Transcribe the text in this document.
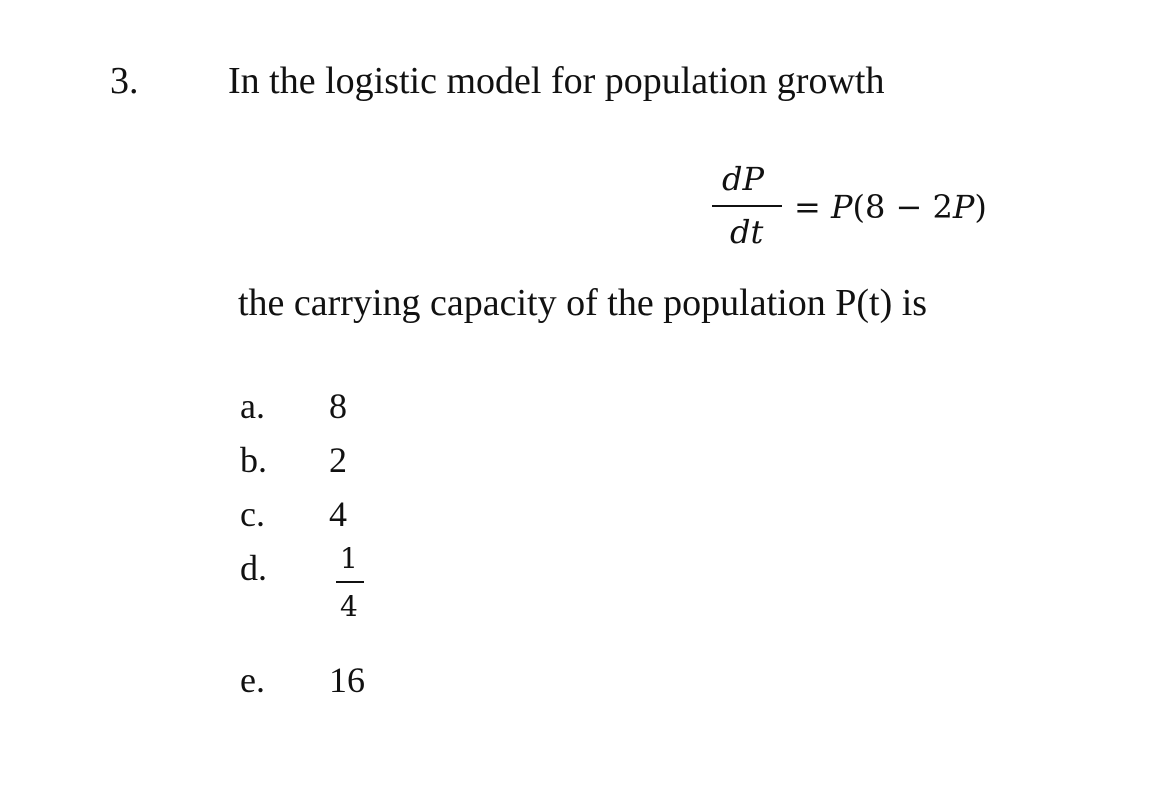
3. In the logistic model for population growth
dP
dt
= P(8 − 2P)
the carrying capacity of the population P(t) is
a. 8
b. 2
c. 4
d.	1
4
e. 16
